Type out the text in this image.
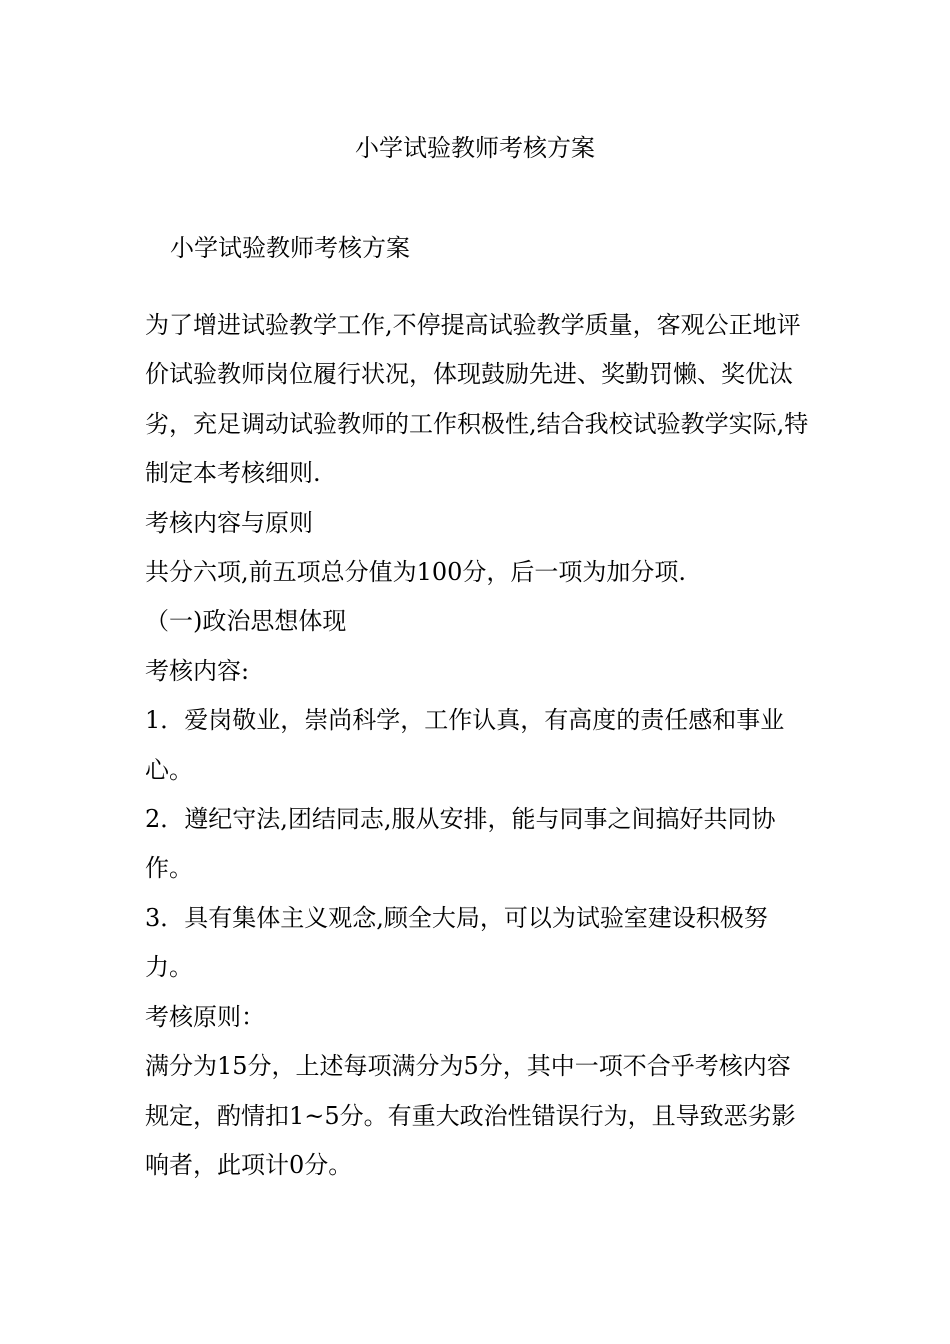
小学试验教师考核方案
小学试验教师考核方案

为了增进试验教学工作,不停提高试验教学质量，客观公正地评价试验教师岗位履行状况，体现鼓励先进、奖勤罚懒、奖优汰劣，充足调动试验教师的工作积极性,结合我校试验教学实际,特制定本考核细则.

考核内容与原则

共分六项,前五项总分值为100分，后一项为加分项.

（一)政治思想体现

考核内容:

1．爱岗敬业，崇尚科学，工作认真，有高度的责任感和事业心。

2．遵纪守法,团结同志,服从安排，能与同事之间搞好共同协作。

3．具有集体主义观念,顾全大局，可以为试验室建设积极努力。

考核原则：

满分为15分，上述每项满分为5分，其中一项不合乎考核内容规定，酌情扣1~5分。有重大政治性错误行为，且导致恶劣影响者，此项计0分。
